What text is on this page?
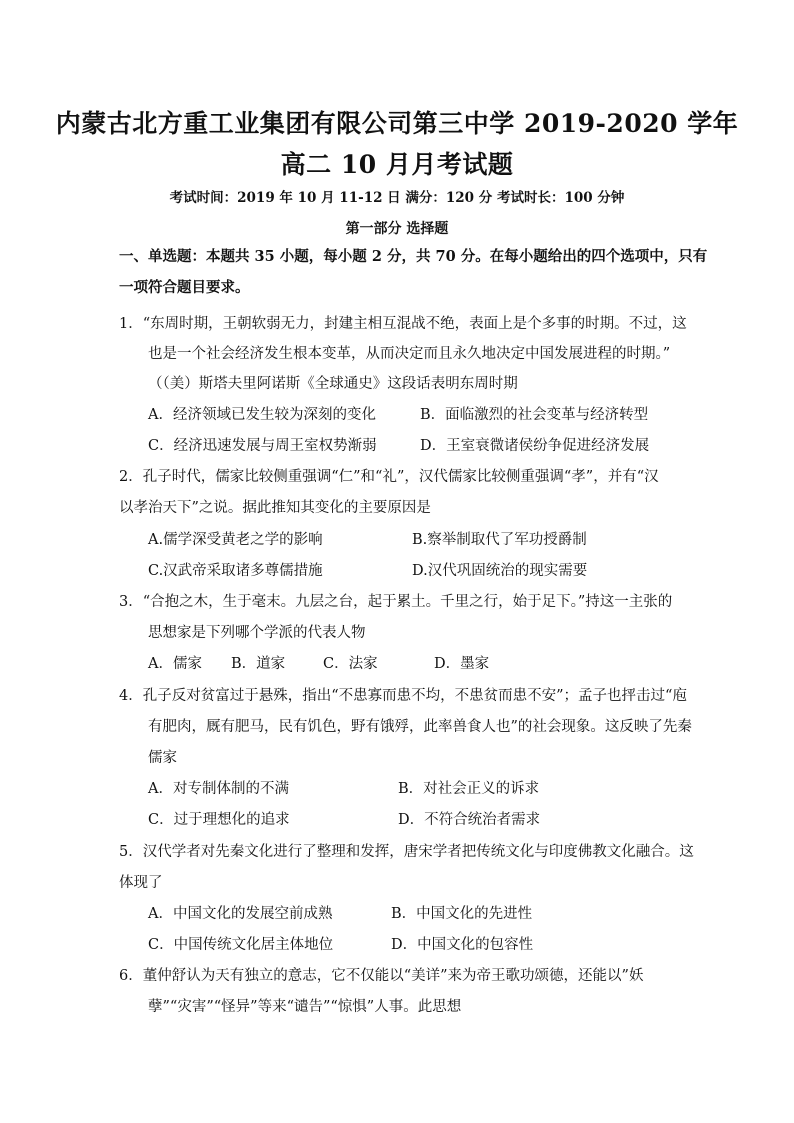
内蒙古北方重工业集团有限公司第三中学 2019-2020 学年
高二 10 月月考试题
考试时间：2019 年 10 月 11-12 日 满分：120 分 考试时长：100 分钟
第一部分 选择题
一、单选题：本题共 35 小题，每小题 2 分，共 70 分。在每小题给出的四个选项中，只有
一项符合题目要求。
1．“东周时期，王朝软弱无力，封建主相互混战不绝，表面上是个多事的时期。不过，这
也是一个社会经济发生根本变革，从而决定而且永久地决定中国发展进程的时期。”
（（美）斯塔夫里阿诺斯《全球通史》这段话表明东周时期
A．经济领域已发生较为深刻的变化	B．面临激烈的社会变革与经济转型
C．经济迅速发展与周王室权势渐弱	D．王室衰微诸侯纷争促进经济发展
2．孔子时代，儒家比较侧重强调“仁”和“礼”，汉代儒家比较侧重强调“孝”，并有“汉
以孝治天下”之说。据此推知其变化的主要原因是
A.儒学深受黄老之学的影响	B.察举制取代了军功授爵制
C.汉武帝采取诸多尊儒措施	D.汉代巩固统治的现实需要
3．“合抱之木，生于毫末。九层之台，起于累土。千里之行，始于足下。”持这一主张的
思想家是下列哪个学派的代表人物
A．儒家 B．道家	C．法家	D．墨家
4．孔子反对贫富过于悬殊，指出“不患寡而患不均，不患贫而患不安”；孟子也抨击过“庖
有肥肉，厩有肥马，民有饥色，野有饿殍，此率兽食人也”的社会现象。这反映了先秦
儒家
A．对专制体制的不满	B．对社会正义的诉求
C．过于理想化的追求	D．不符合统治者需求
5．汉代学者对先秦文化进行了整理和发挥，唐宋学者把传统文化与印度佛教文化融合。这
体现了
A．中国文化的发展空前成熟	B．中国文化的先进性
C．中国传统文化居主体地位	D．中国文化的包容性
6．董仲舒认为天有独立的意志，它不仅能以“美详”来为帝王歌功颂德，还能以”妖
孽”“灾害”“怪异”等来“谴告”“惊惧”人事。此思想
